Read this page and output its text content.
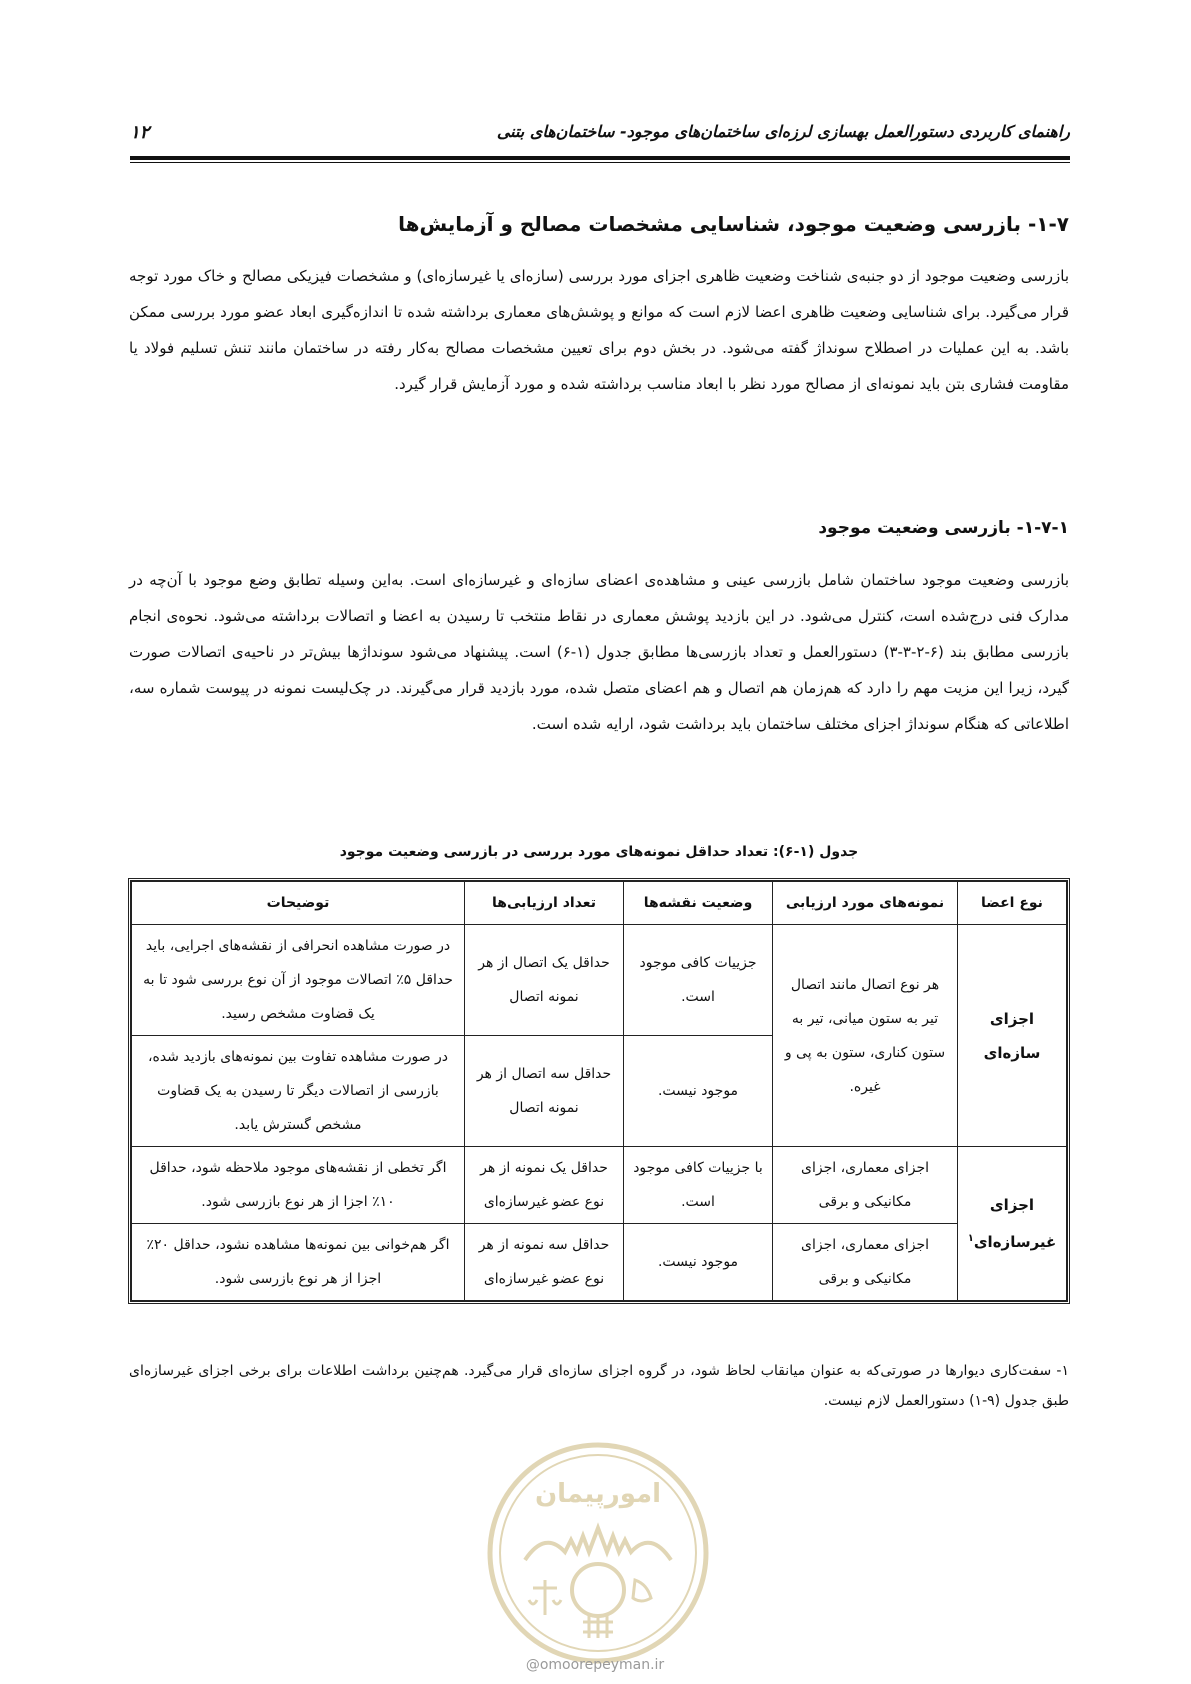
راهنمای کاربردی دستورالعمل بهسازی لرزه‌ای ساختمان‌های موجود- ساختمان‌های بتنی
۱۲
۱-۷- بازرسی وضعیت موجود، شناسایی مشخصات مصالح و آزمایش‌ها
بازرسی وضعیت موجود از دو جنبه‌ی شناخت وضعیت ظاهری اجزای مورد بررسی (سازه‌ای یا غیرسازه‌ای) و مشخصات فیزیکی مصالح و خاک مورد توجه قرار می‌گیرد. برای شناسایی وضعیت ظاهری اعضا لازم است که موانع و پوشش‌های معماری برداشته شده تا اندازه‌گیری ابعاد عضو مورد بررسی ممکن باشد. به این عملیات در اصطلاح سونداژ گفته می‌شود. در بخش دوم برای تعیین مشخصات مصالح به‌کار رفته در ساختمان مانند تنش تسلیم فولاد یا مقاومت فشاری بتن باید نمونه‌ای از مصالح مورد نظر با ابعاد مناسب برداشته شده و مورد آزمایش قرار گیرد.
۱-۷-۱- بازرسی وضعیت موجود
بازرسی وضعیت موجود ساختمان شامل بازرسی عینی و مشاهده‌ی اعضای سازه‌ای و غیرسازه‌ای است. به‌این وسیله تطابق وضع موجود با آن‌چه در مدارک فنی درج‌شده است، کنترل می‌شود. در این بازدید پوشش معماری در نقاط منتخب تا رسیدن به اعضا و اتصالات برداشته می‌شود. نحوه‌ی انجام بازرسی مطابق بند (۶-۲-۳-۳) دستورالعمل و تعداد بازرسی‌ها مطابق جدول (۱-۶) است. پیشنهاد می‌شود سونداژها بیش‌تر در ناحیه‌ی اتصالات صورت گیرد، زیرا این مزیت مهم را دارد که هم‌زمان هم اتصال و هم اعضای متصل شده، مورد بازدید قرار می‌گیرند. در چک‌لیست نمونه در پیوست شماره سه، اطلاعاتی که هنگام سونداژ اجزای مختلف ساختمان باید برداشت شود، ارایه شده است.
جدول (۱-۶): تعداد حداقل نمونه‌های مورد بررسی در بازرسی وضعیت موجود
نوع اعضا	نمونه‌های مورد ارزیابی	وضعیت نقشه‌ها	تعداد ارزیابی‌ها	توضیحات
اجزای سازه‌ای	هر نوع اتصال مانند اتصال تیر به ستون میانی، تیر به ستون کناری، ستون به پی و غیره.	جزییات کافی موجود است.	حداقل یک اتصال از هر نمونه اتصال	در صورت مشاهده انحرافی از نقشه‌های اجرایی، باید حداقل ۵٪ اتصالات موجود از آن نوع بررسی شود تا به یک قضاوت مشخص رسید.
		موجود نیست.	حداقل سه اتصال از هر نمونه اتصال	در صورت مشاهده تفاوت بین نمونه‌های بازدید شده، بازرسی از اتصالات دیگر تا رسیدن به یک قضاوت مشخص گسترش یابد.
اجزای غیرسازه‌ای$^۱$	اجزای معماری، اجزای مکانیکی و برقی	با جزییات کافی موجود است.	حداقل یک نمونه از هر نوع عضو غیرسازه‌ای	اگر تخطی از نقشه‌های موجود ملاحظه شود، حداقل ۱۰٪ اجزا از هر نوع بازرسی شود.
	اجزای معماری، اجزای مکانیکی و برقی	موجود نیست.	حداقل سه نمونه از هر نوع عضو غیرسازه‌ای	اگر هم‌خوانی بین نمونه‌ها مشاهده نشود، حداقل ۲۰٪ اجزا از هر نوع بازرسی شود.
۱- سفت‌کاری دیوارها در صورتی‌که به عنوان میانقاب لحاظ شود، در گروه اجزای سازه‌ای قرار می‌گیرد. هم‌چنین برداشت اطلاعات برای برخی اجزای غیرسازه‌ای طبق جدول (۹-۱) دستورالعمل لازم نیست.
امورپیمان
@omoorepeyman.ir
